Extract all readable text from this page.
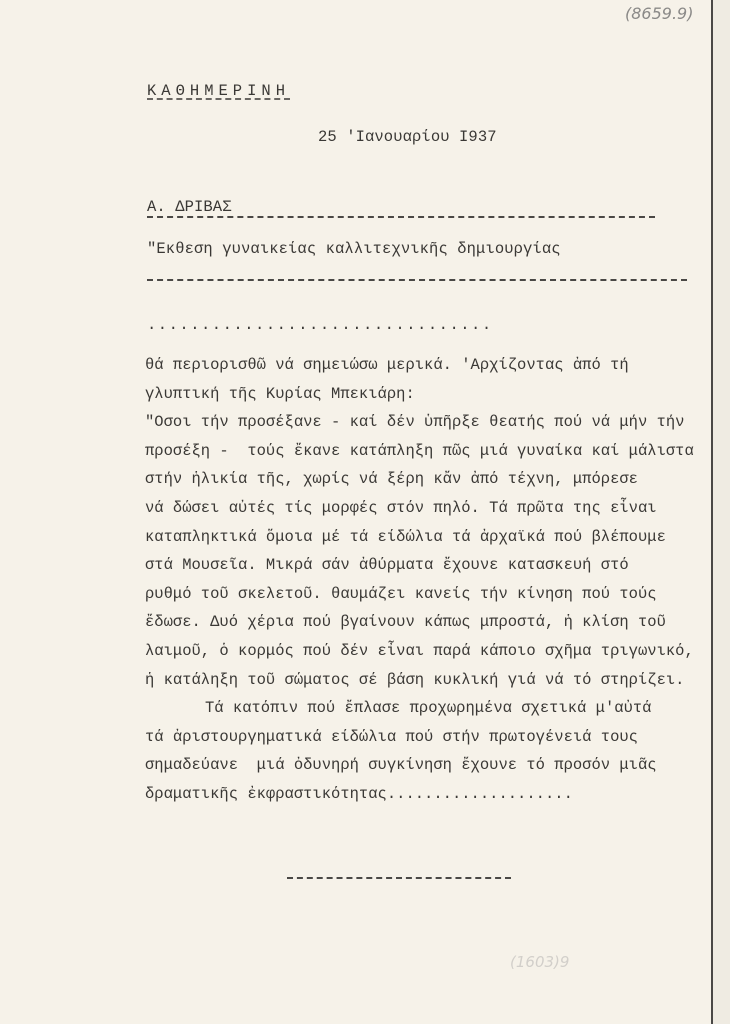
(8659.9)
(1603)9
ΚΑΘΗΜΕΡΙΝΗ
25 'Ιανουαρίου Ι937
Α. ΔΡΙΒΑΣ
"Εκθεση γυναικείας καλλιτεχνικῆς δημιουργίας
................................
θά περιορισθῶ νά σημειώσω μερικά. 'Αρχίζοντας ἀπό τή
γλυπτική τῆς Κυρίας Μπεκιάρη:
"Οσοι τήν προσέξανε - καί δέν ὑπῆρξε θεατής πού νά μήν τήν
προσέξη -  τούς ἔκανε κατάπληξη πῶς μιά γυναίκα καί μάλιστα
στήν ἡλικία τῆς, χωρίς νά ξέρη κἄν ἀπό τέχνη, μπόρεσε
νά δώσει αὐτές τίς μορφές στόν πηλό. Τά πρῶτα της εἶναι
καταπληκτικά ὅμοια μέ τά είδώλια τά ἀρχαϊκά πού βλέπουμε
στά Μουσεῖα. Μικρά σάν ἀθύρματα ἔχουνε κατασκευή στό
ρυθμό τοῦ σκελετοῦ. θαυμάζει κανείς τήν κίνηση πού τούς
ἔδωσε. Δυό χέρια πού βγαίνουν κάπως μπροστά, ἡ κλίση τοῦ
λαιμοῦ, ὁ κορμός πού δέν εἶναι παρά κάποιο σχῆμα τριγωνικό,
ἡ κατάληξη τοῦ σώματος σέ βάση κυκλική γιά νά τό στηρίζει.
Τά κατόπιν πού ἔπλασε προχωρημένα σχετικά μ'αὐτά
τά ἀριστουργηματικά είδώλια πού στήν πρωτογένειά τους
σημαδεύανε  μιά ὀδυνηρή συγκίνηση ἔχουνε τό προσόν μιᾶς
δραματικῆς ἐκφραστικότητας....................
